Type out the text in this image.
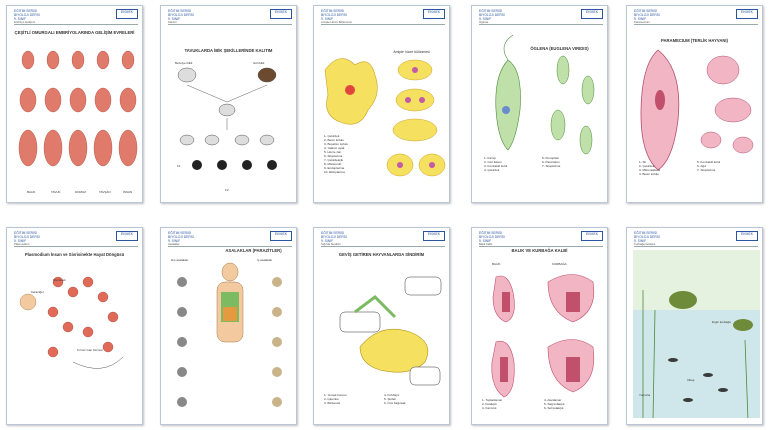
EĞİTİM SERİSİ
BİYOLOJİ DERSİ
9. SINIF
EKMEK
Embriyo Gelişimi
ÇEŞİTLİ OMURGALI EMBRİYOLARINDA GELİŞİM EVRELERİ
BALIK	TAVUK	DOMUZ	TAVŞAN	İNSAN
EĞİTİM SERİSİ
BİYOLOJİ DERSİ
9. SINIF
EKMEK
Kalıtım
TAVUKLARDA İBİK ŞEKİLLERİNDE KALITIM
Bezelye ibikli	Gül ibikli
F1
F2
EĞİTİM SERİSİ
BİYOLOJİ DERSİ
9. SINIF
EKMEK
Amipte Hücre Bölünmesi
Amipte hücre bölünmesi
1- Çekirdek
2- Besin kofulu
3- Boşaltım kofulu
4- Yalancı ayak
5- Hücre zarı
6- Sitoplazma
7- Çekirdekçik
8- Mitokondri
9- Endoplazma
10- Ektoplazma
EĞİTİM SERİSİ
BİYOLOJİ DERSİ
9. SINIF
EKMEK
Öglena
ÖGLENA (EUGLENA VIRIDIS)
1- Kamçı
2- Göz lekesi
3- Kontraktil koful
4- Çekirdek
5- Kloroplast
6- Paramilum
7- Sitoplazma
EĞİTİM SERİSİ
BİYOLOJİ DERSİ
9. SINIF
EKMEK
Paramecium
PARAMECIUM (TERLİK HAYVANI)
1- Sil
2- Çekirdek
3- Mikronükleus
4- Besin kofulu
5- Kontraktil koful
6- Ağız
7- Sitoplazma
EĞİTİM SERİSİ
BİYOLOJİ DERSİ
9. SINIF
EKMEK
Plasmodium
Plasmodium İnsan ve Sivrisinekte Hayat Döngüsü
Sivrisinek
Karaciğer
Kırmızı kan hücresi
EĞİTİM SERİSİ
BİYOLOJİ DERSİ
9. SINIF
EKMEK
Asalaklar
ASALAKLAR (PARAZİTLER)
Dış asalaklar	İç asalaklar
EĞİTİM SERİSİ
BİYOLOJİ DERSİ
9. SINIF
EKMEK
Sığırda Sindirim
GEVİŞ GETİREN HAYVANLARDA SİNDİRİM
1- Yemek borusu
2- İşkembe
3- Börkenek
4- Kırkbayır
5- Şirden
6- İnce bağırsak
EĞİTİM SERİSİ
BİYOLOJİ DERSİ
9. SINIF
EKMEK
Balık Kalbi
BALIK VE KURBAĞA KALBİ
BALIK	KURBAĞA
1- Toplardamar
2- Kulakçık
3- Karıncık
4- Atardamar
5- Sağ kulakçık
6- Sol kulakçık
EĞİTİM SERİSİ
BİYOLOJİ DERSİ
9. SINIF
EKMEK
Kurbağa Gelişimi
Yumurta
İribaş
Ergin kurbağa
